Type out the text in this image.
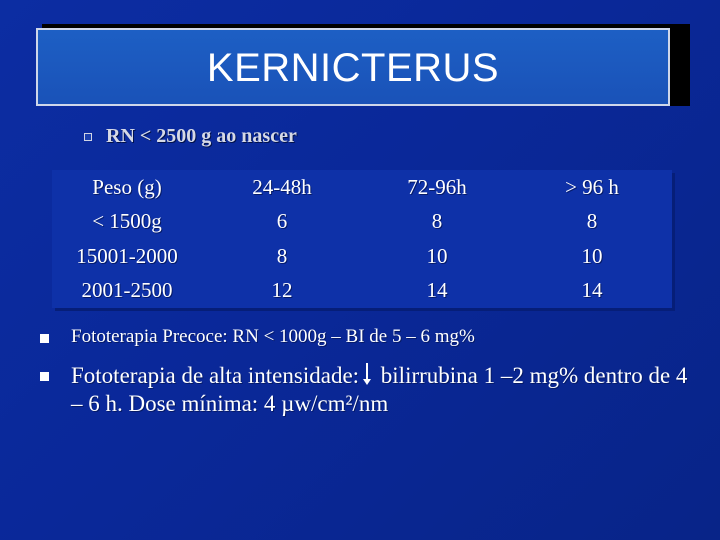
KERNICTERUS
RN < 2500 g ao nascer
Peso (g)	24-48h	72-96h	> 96 h
< 1500g	6	8	8
15001-2000	8	10	10
2001-2500	12	14	14
Fototerapia Precoce: RN < 1000g – BI de 5 – 6 mg%
Fototerapia de alta intensidade: bilirrubina 1 –2 mg% dentro de 4 – 6 h. Dose mínima: 4 µw/cm²/nm
